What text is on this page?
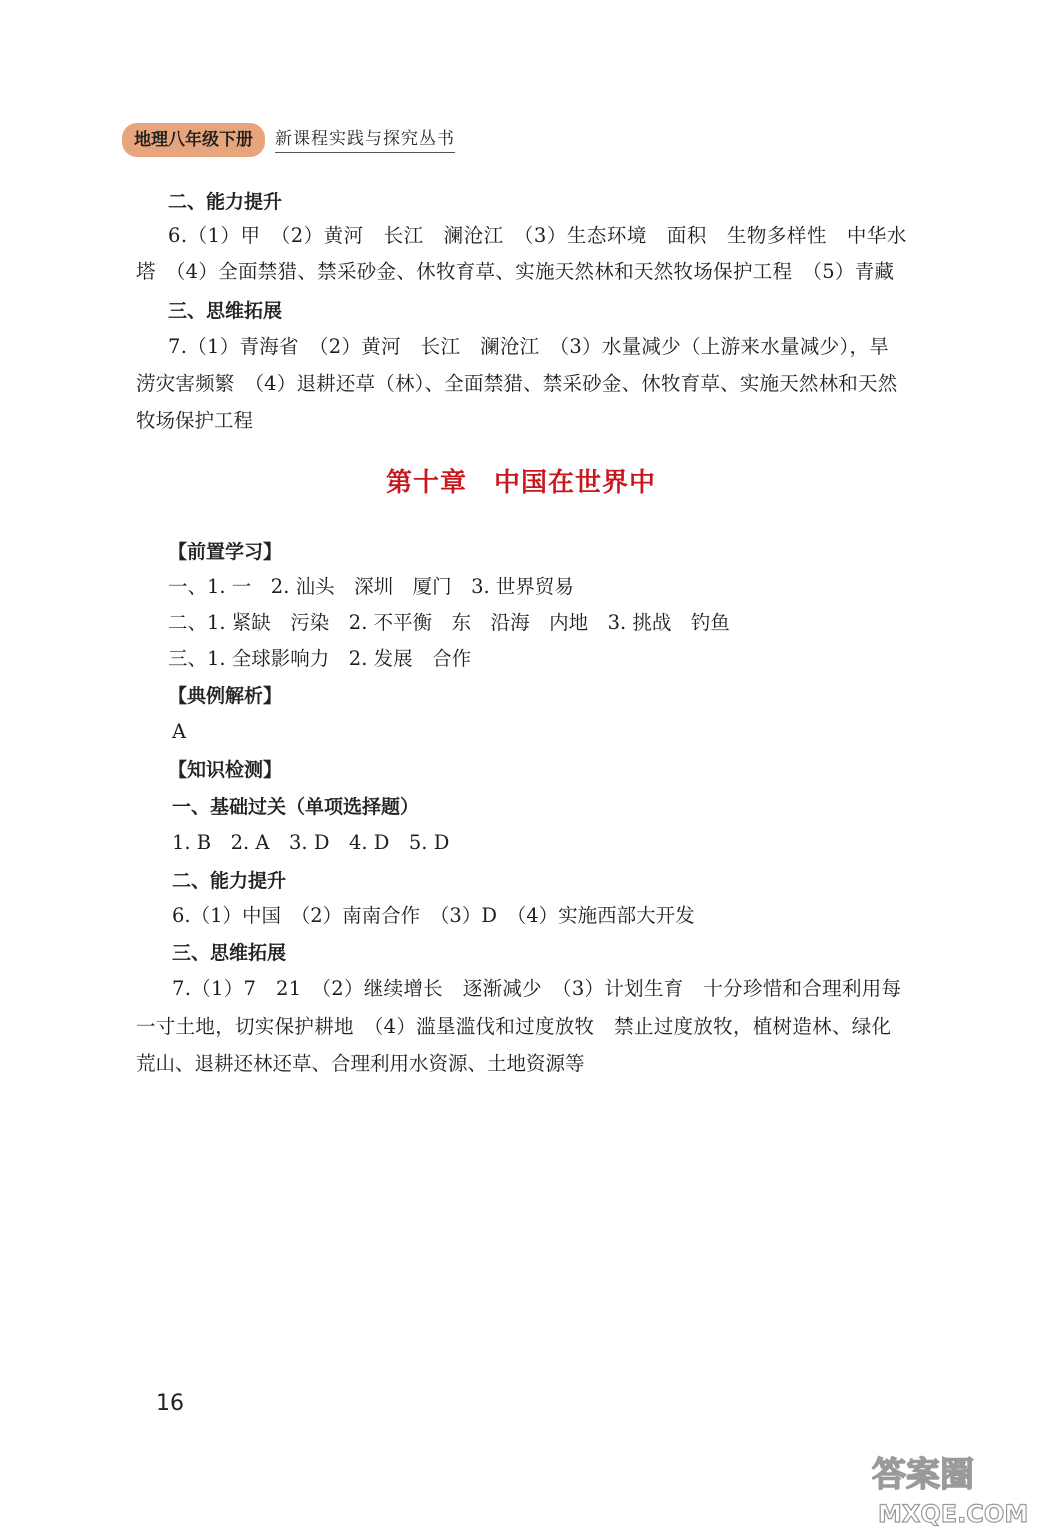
地理八年级下册	新课程实践与探究丛书
二、能力提升
6.（1）甲　（2）黄河　长江　澜沧江　（3）生态环境　面积　生物多样性　中华水
塔　（4）全面禁猎、禁采砂金、休牧育草、实施天然林和天然牧场保护工程　（5）青藏
三、思维拓展
7.（1）青海省　（2）黄河　长江　澜沧江　（3）水量减少（上游来水量减少），旱
涝灾害频繁　（4）退耕还草（林）、全面禁猎、禁采砂金、休牧育草、实施天然林和天然
牧场保护工程
第十章　中国在世界中
【前置学习】
一、1. 一　2. 汕头　深圳　厦门　3. 世界贸易
二、1. 紧缺　污染　2. 不平衡　东　沿海　内地　3. 挑战　钓鱼
三、1. 全球影响力　2. 发展　合作
【典例解析】
A
【知识检测】
一、基础过关（单项选择题）
1. B　2. A　3. D　4. D　5. D
二、能力提升
6.（1）中国　（2）南南合作　（3）D　（4）实施西部大开发
三、思维拓展
7.（1）7　21　（2）继续增长　逐渐减少　（3）计划生育　十分珍惜和合理利用每
一寸土地，切实保护耕地　（4）滥垦滥伐和过度放牧　禁止过度放牧，植树造林、绿化
荒山、退耕还林还草、合理利用水资源、土地资源等
16
答案圈
MXQE.COM
